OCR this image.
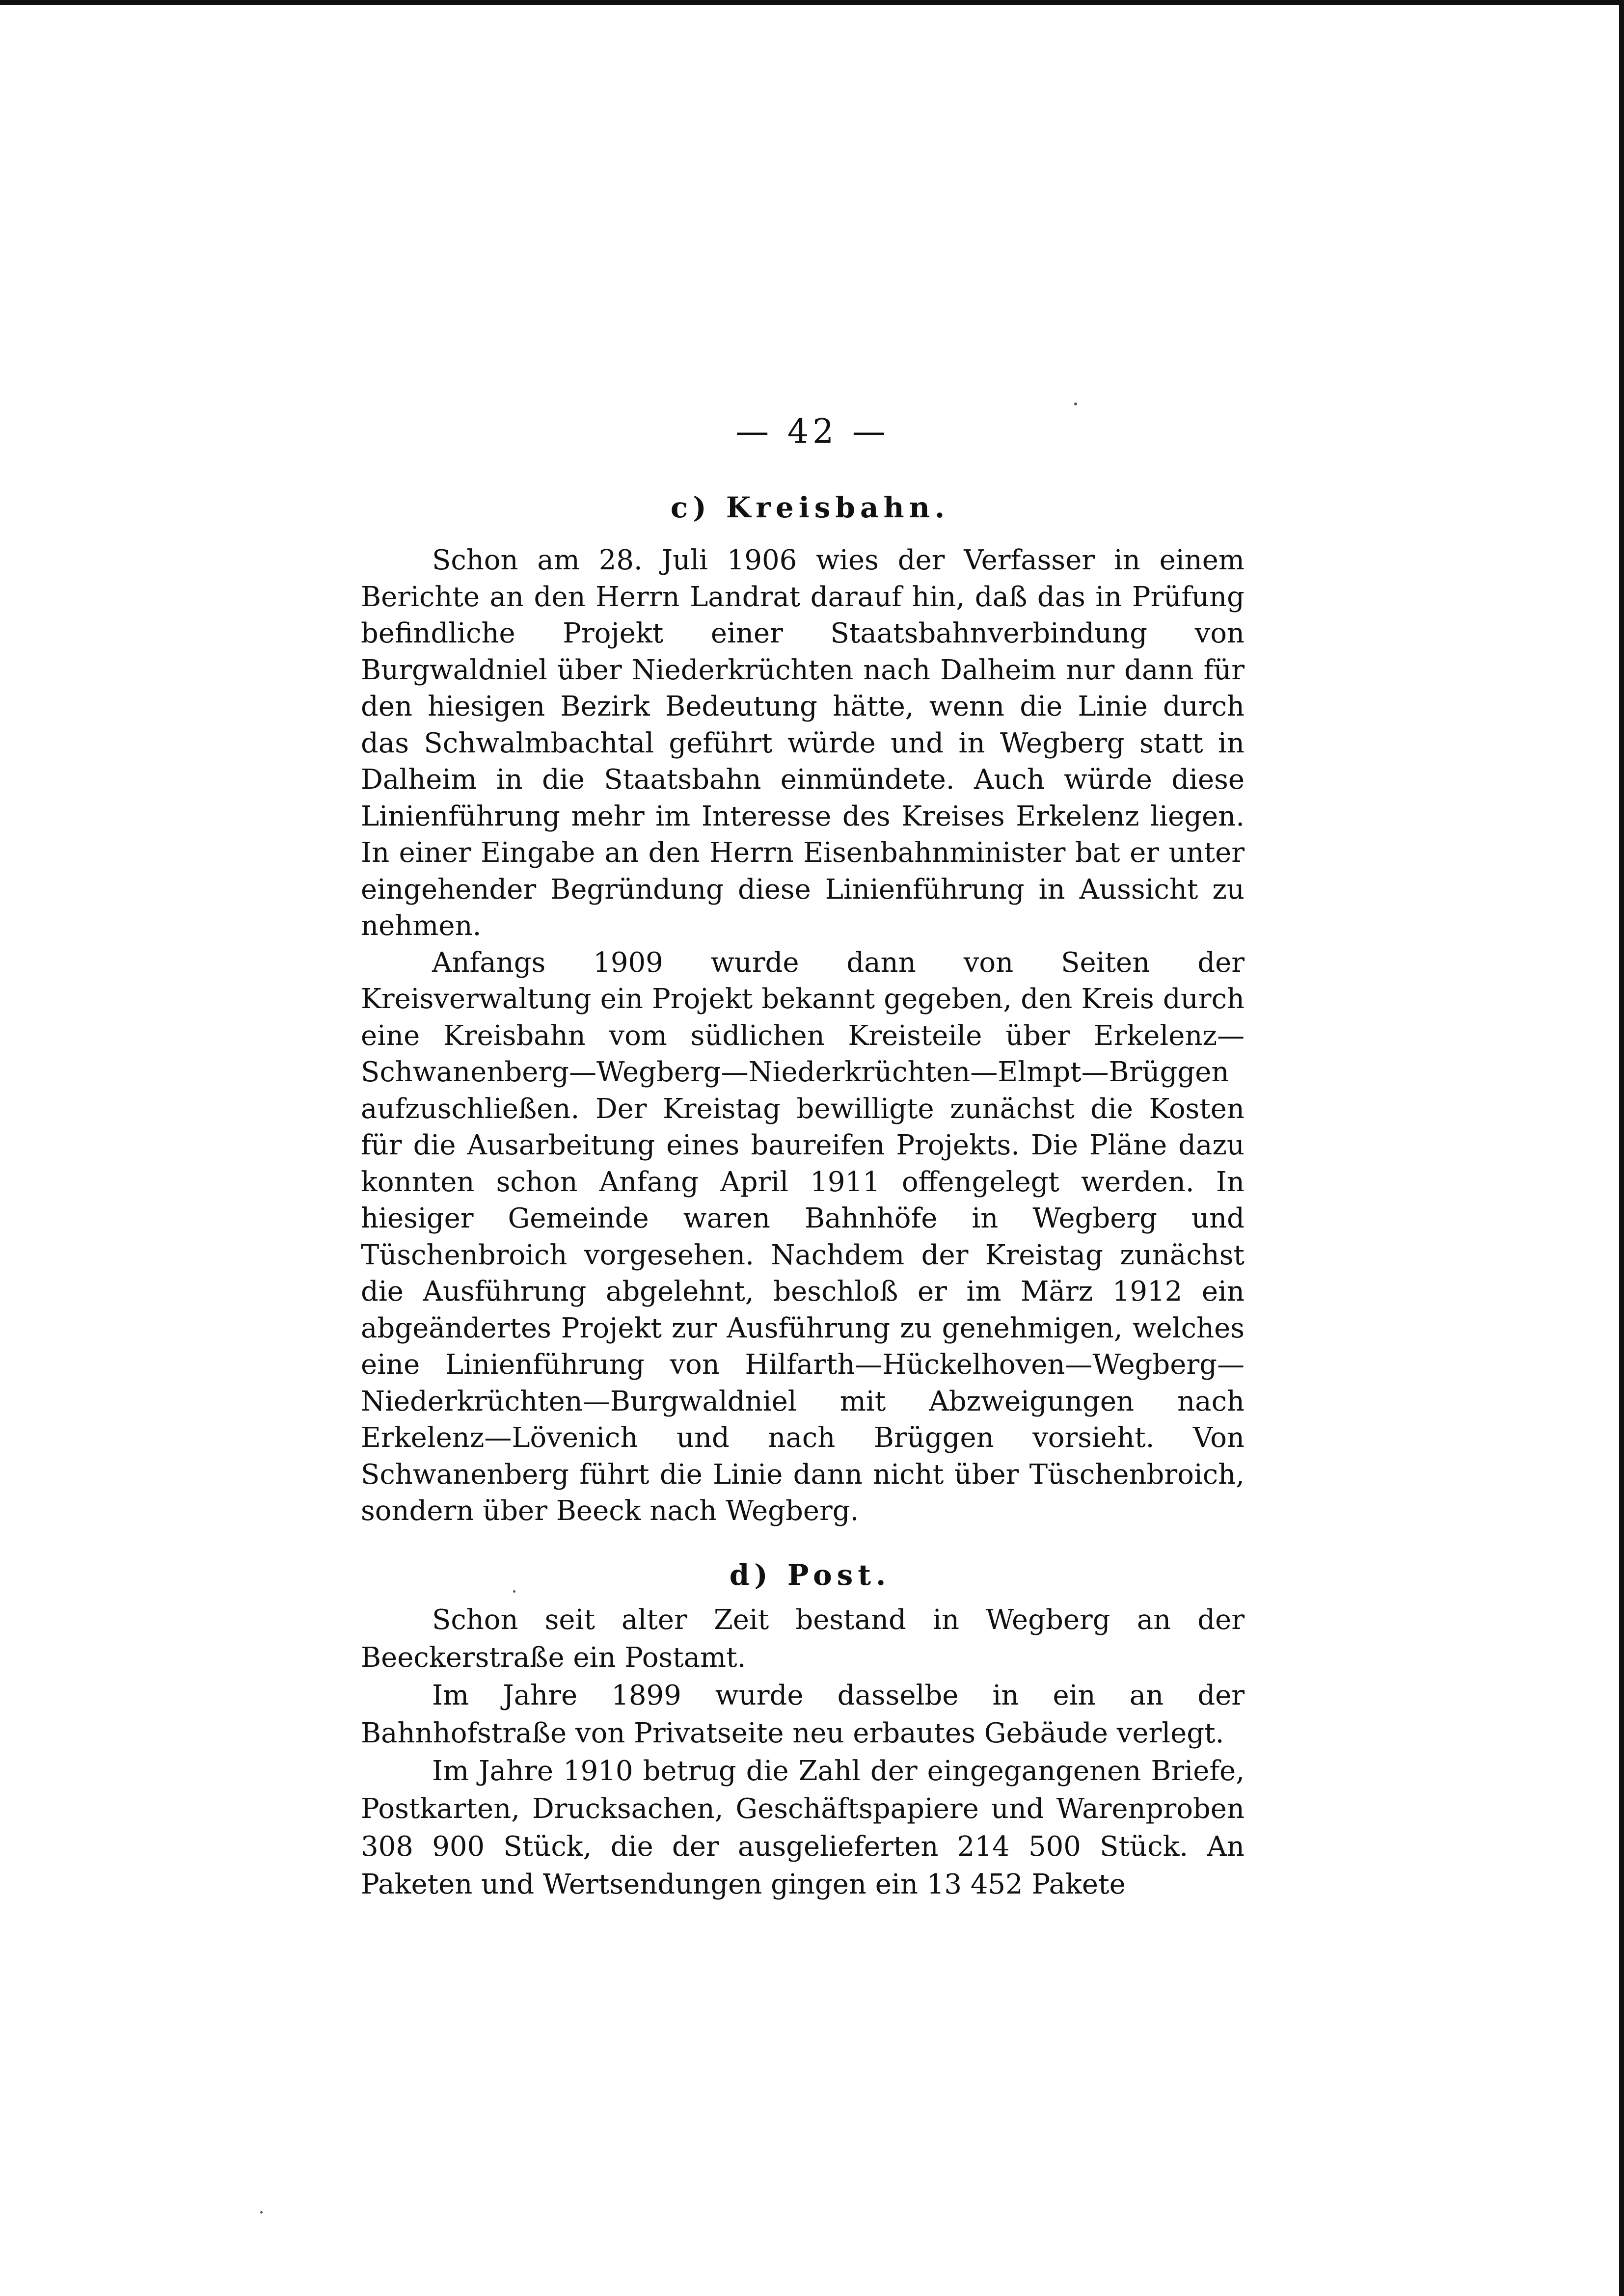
— 42 —
c) Kreisbahn.

Schon am 28. Juli 1906 wies der Verfasser in einem Berichte an den Herrn Landrat darauf hin, daß das in Prüfung befindliche Projekt einer Staatsbahnverbindung von Burgwaldniel über Niederkrüchten nach Dalheim nur dann für den hiesigen Bezirk Bedeutung hätte, wenn die Linie durch das Schwalmbachtal geführt würde und in Wegberg statt in Dalheim in die Staatsbahn einmündete. Auch würde diese Linienführung mehr im Interesse des Kreises Erkelenz liegen. In einer Eingabe an den Herrn Eisenbahnminister bat er unter eingehender Begründung diese Linienführung in Aussicht zu nehmen.

Anfangs 1909 wurde dann von Seiten der Kreisverwaltung ein Projekt bekannt gegeben, den Kreis durch eine Kreisbahn vom südlichen Kreisteile über Erkelenz—Schwanenberg—Wegberg—Niederkrüchten—Elmpt—Brüggen aufzuschließen. Der Kreistag bewilligte zunächst die Kosten für die Ausarbeitung eines baureifen Projekts. Die Pläne dazu konnten schon Anfang April 1911 offengelegt werden. In hiesiger Gemeinde waren Bahnhöfe in Wegberg und Tüschenbroich vorgesehen. Nachdem der Kreistag zunächst die Ausführung abgelehnt, beschloß er im März 1912 ein abgeändertes Projekt zur Ausführung zu genehmigen, welches eine Linienführung von Hilfarth—Hückelhoven—Wegberg—Niederkrüchten—Burgwaldniel mit Abzweigungen nach Erkelenz—Lövenich und nach Brüggen vorsieht. Von Schwanenberg führt die Linie dann nicht über Tüschenbroich, sondern über Beeck nach Wegberg.

d) Post.

Schon seit alter Zeit bestand in Wegberg an der Beeckerstraße ein Postamt.

Im Jahre 1899 wurde dasselbe in ein an der Bahnhofstraße von Privatseite neu erbautes Gebäude verlegt.

Im Jahre 1910 betrug die Zahl der eingegangenen Briefe, Postkarten, Drucksachen, Geschäftspapiere und Warenproben 308 900 Stück, die der ausgelieferten 214 500 Stück. An Paketen und Wertsendungen gingen ein 13 452 Pakete
